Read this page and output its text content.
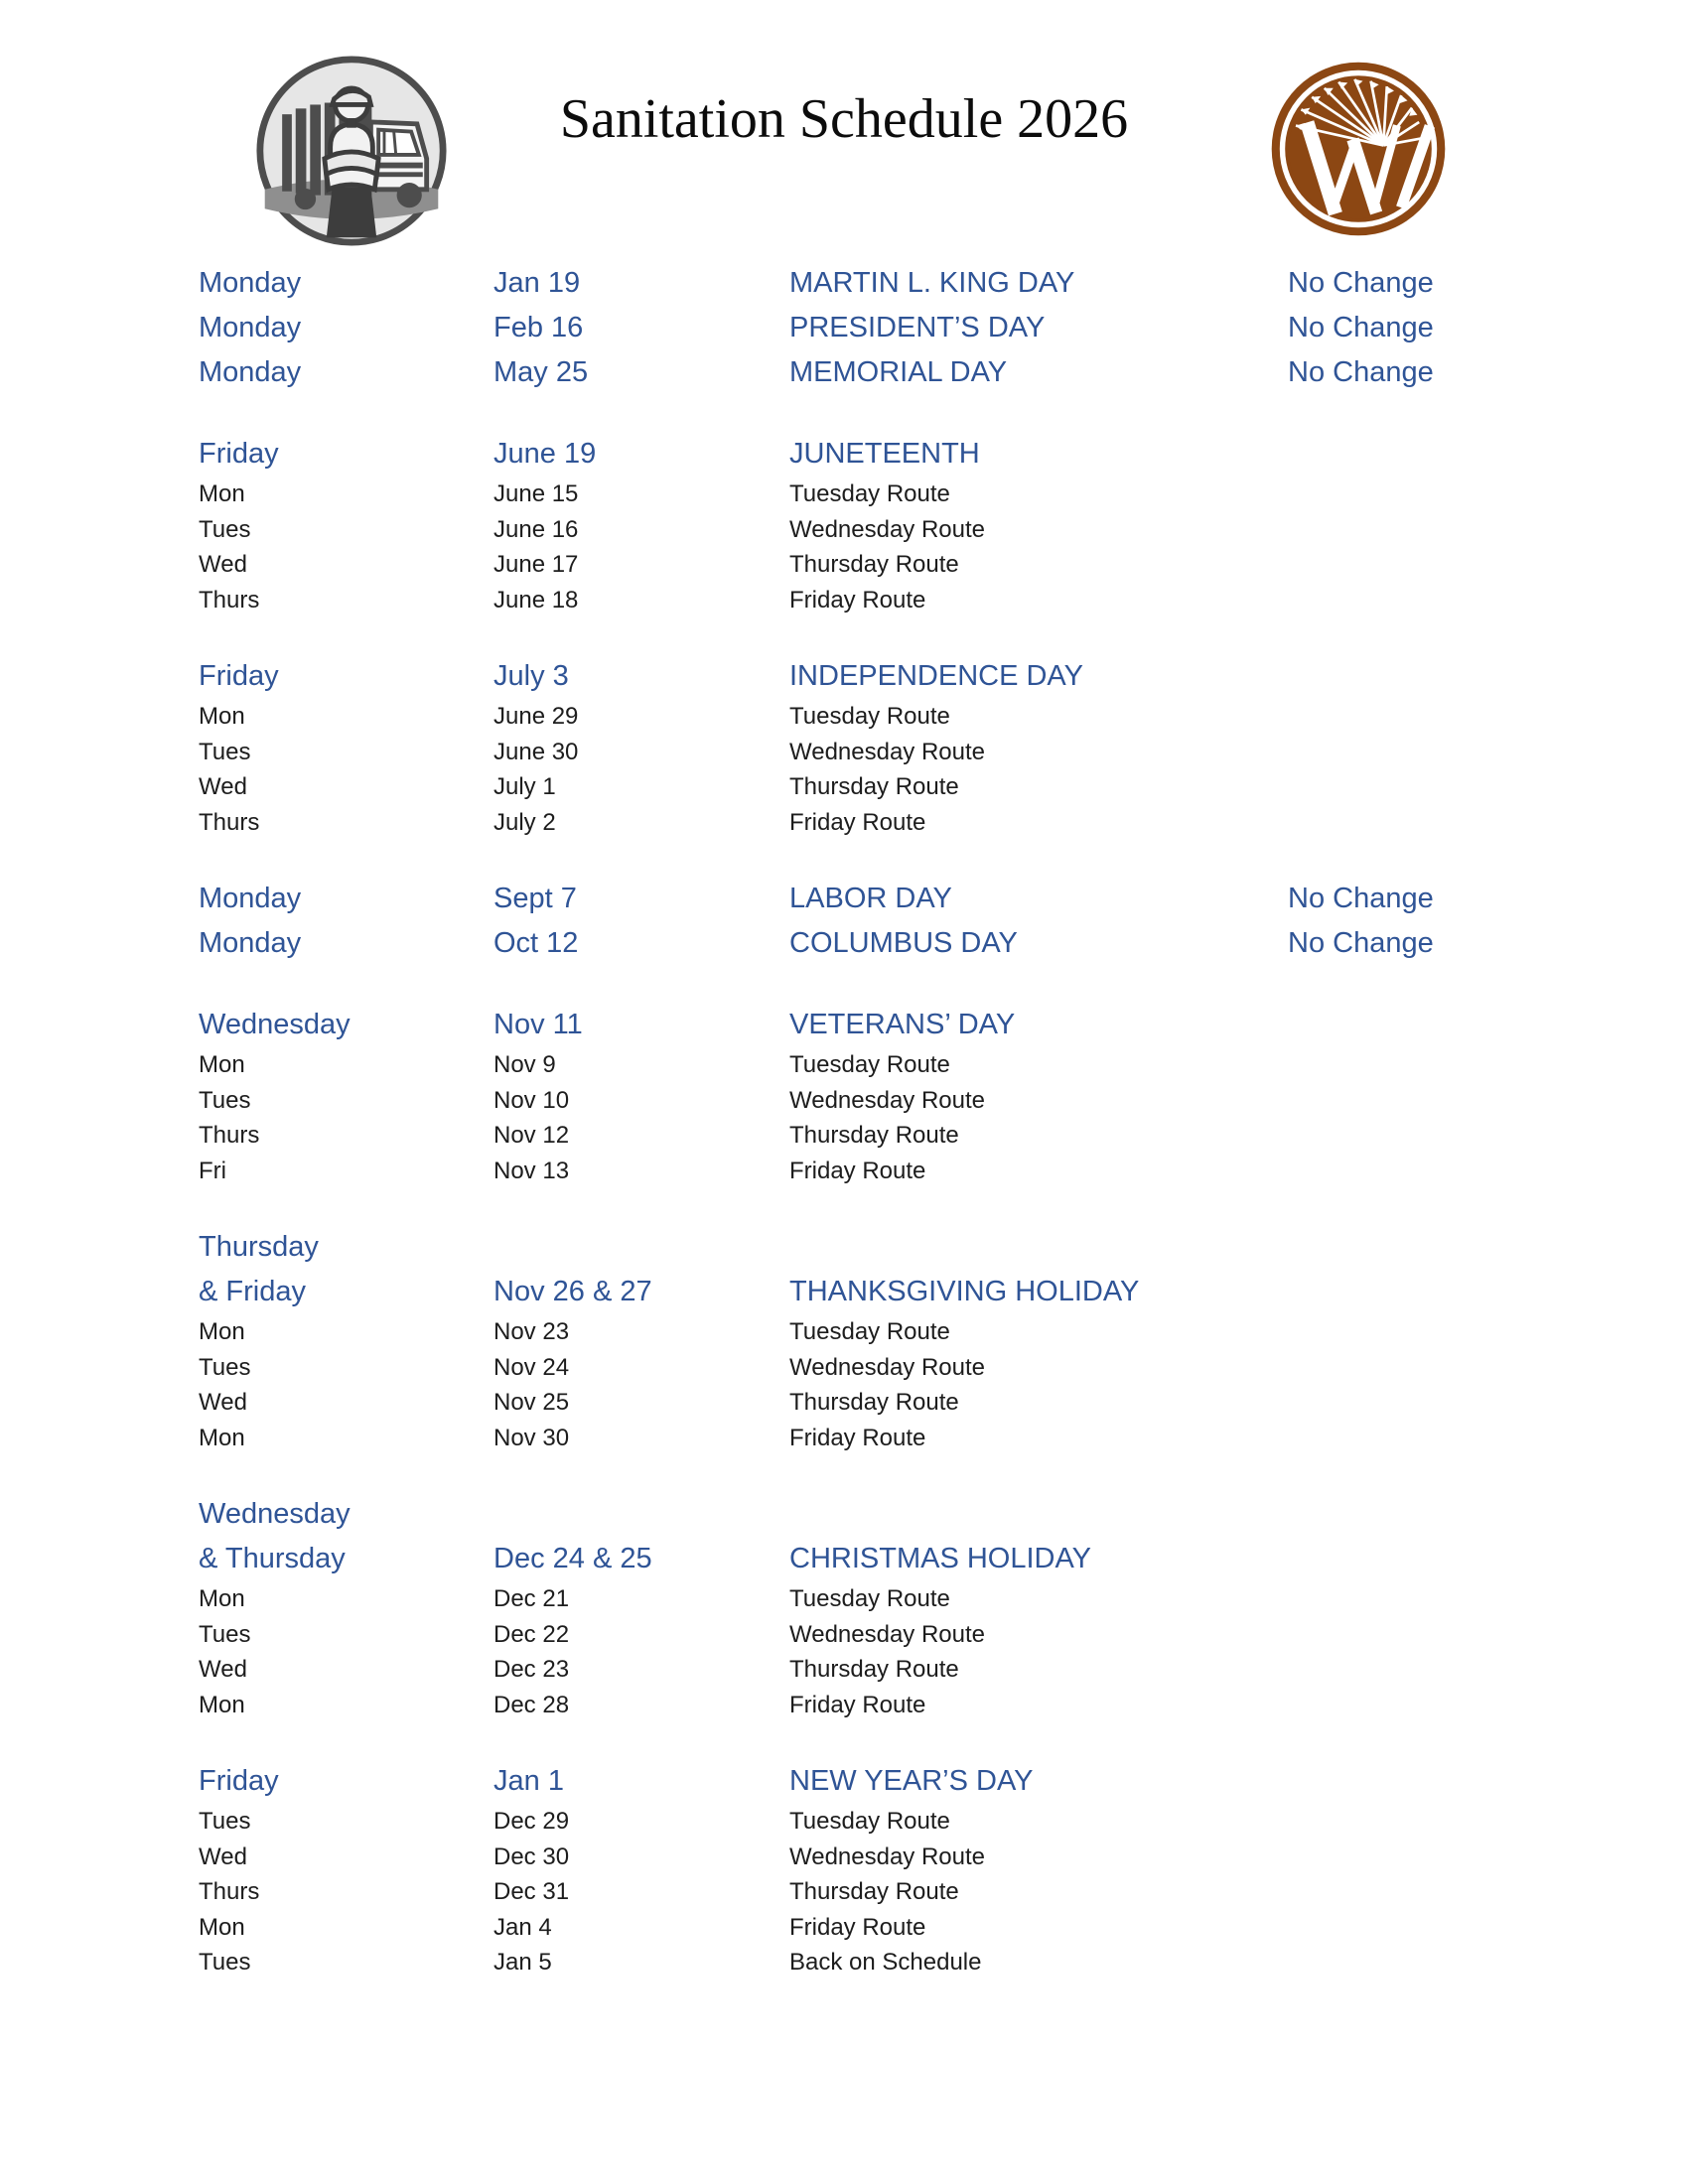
Sanitation Schedule 2026
Monday	Jan 19	MARTIN L. KING DAY	No Change
Monday	Feb 16	PRESIDENT’S DAY	No Change
Monday	May 25	MEMORIAL DAY	No Change
Friday	June 19	JUNETEENTH
Mon	June 15	Tuesday Route
Tues	June 16	Wednesday Route
Wed	June 17	Thursday Route
Thurs	June 18	Friday Route
Friday	July 3	INDEPENDENCE DAY
Mon	June 29	Tuesday Route
Tues	June 30	Wednesday Route
Wed	July 1	Thursday Route
Thurs	July 2	Friday Route
Monday	Sept 7	LABOR DAY	No Change
Monday	Oct 12	COLUMBUS DAY	No Change
Wednesday	Nov 11	VETERANS’ DAY
Mon	Nov 9	Tuesday Route
Tues	Nov 10	Wednesday Route
Thurs	Nov 12	Thursday Route
Fri	Nov 13	Friday Route
Thursday
& Friday	Nov 26 & 27	THANKSGIVING HOLIDAY
Mon	Nov 23	Tuesday Route
Tues	Nov 24	Wednesday Route
Wed	Nov 25	Thursday Route
Mon	Nov 30	Friday Route
Wednesday
& Thursday	Dec 24 & 25	CHRISTMAS HOLIDAY
Mon	Dec 21	Tuesday Route
Tues	Dec 22	Wednesday Route
Wed	Dec 23	Thursday Route
Mon	Dec 28	Friday Route
Friday	Jan 1	NEW YEAR’S DAY
Tues	Dec 29	Tuesday Route
Wed	Dec 30	Wednesday Route
Thurs	Dec 31	Thursday Route
Mon	Jan 4	Friday Route
Tues	Jan 5	Back on Schedule
